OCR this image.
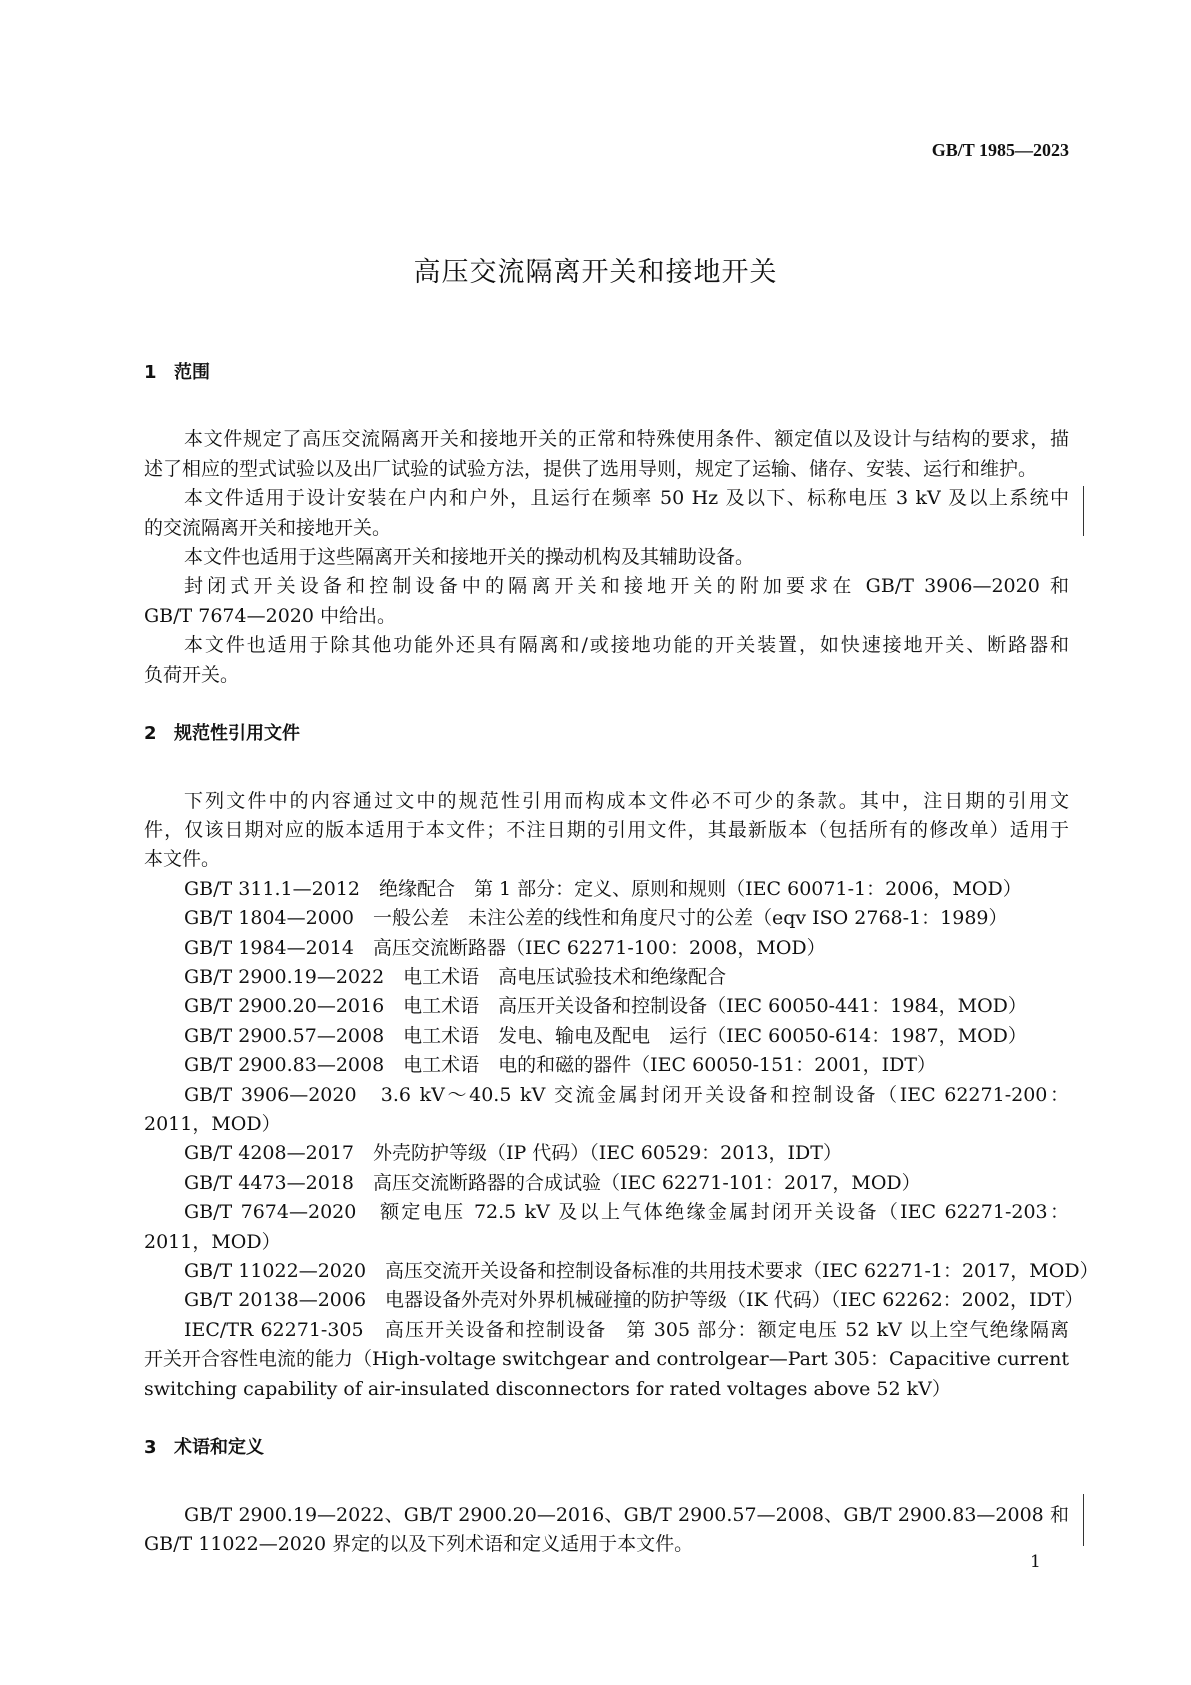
GB/T 1985—2023
高压交流隔离开关和接地开关
1 范围
本文件规定了高压交流隔离开关和接地开关的正常和特殊使用条件、额定值以及设计与结构的要求，描
述了相应的型式试验以及出厂试验的试验方法，提供了选用导则，规定了运输、储存、安装、运行和维护。
本文件适用于设计安装在户内和户外，且运行在频率 50 Hz 及以下、标称电压 3 kV 及以上系统中
的交流隔离开关和接地开关。
本文件也适用于这些隔离开关和接地开关的操动机构及其辅助设备。
封闭式开关设备和控制设备中的隔离开关和接地开关的附加要求在 GB/T 3906—2020 和
GB/T 7674—2020 中给出。
本文件也适用于除其他功能外还具有隔离和/或接地功能的开关装置，如快速接地开关、断路器和
负荷开关。
2 规范性引用文件
下列文件中的内容通过文中的规范性引用而构成本文件必不可少的条款。其中，注日期的引用文
件，仅该日期对应的版本适用于本文件；不注日期的引用文件，其最新版本（包括所有的修改单）适用于
本文件。
GB/T 311.1—2012　绝缘配合　第 1 部分：定义、原则和规则（IEC 60071-1：2006，MOD）
GB/T 1804—2000　一般公差　未注公差的线性和角度尺寸的公差（eqv ISO 2768-1：1989）
GB/T 1984—2014　高压交流断路器（IEC 62271-100：2008，MOD）
GB/T 2900.19—2022　电工术语　高电压试验技术和绝缘配合
GB/T 2900.20—2016　电工术语　高压开关设备和控制设备（IEC 60050-441：1984，MOD）
GB/T 2900.57—2008　电工术语　发电、输电及配电　运行（IEC 60050-614：1987，MOD）
GB/T 2900.83—2008　电工术语　电的和磁的器件（IEC 60050-151：2001，IDT）
GB/T 3906—2020　3.6 kV～40.5 kV 交流金属封闭开关设备和控制设备（IEC 62271-200：
2011，MOD）
GB/T 4208—2017　外壳防护等级（IP 代码）（IEC 60529：2013，IDT）
GB/T 4473—2018　高压交流断路器的合成试验（IEC 62271-101：2017，MOD）
GB/T 7674—2020　额定电压 72.5 kV 及以上气体绝缘金属封闭开关设备（IEC 62271-203：
2011，MOD）
GB/T 11022—2020　高压交流开关设备和控制设备标准的共用技术要求（IEC 62271-1：2017，MOD）
GB/T 20138—2006　电器设备外壳对外界机械碰撞的防护等级（IK 代码）（IEC 62262：2002，IDT）
IEC/TR 62271-305　高压开关设备和控制设备　第 305 部分：额定电压 52 kV 以上空气绝缘隔离
开关开合容性电流的能力（High-voltage switchgear and controlgear—Part 305：Capacitive current
switching capability of air-insulated disconnectors for rated voltages above 52 kV）
3 术语和定义
GB/T 2900.19—2022、GB/T 2900.20—2016、GB/T 2900.57—2008、GB/T 2900.83—2008 和
GB/T 11022—2020 界定的以及下列术语和定义适用于本文件。
1
